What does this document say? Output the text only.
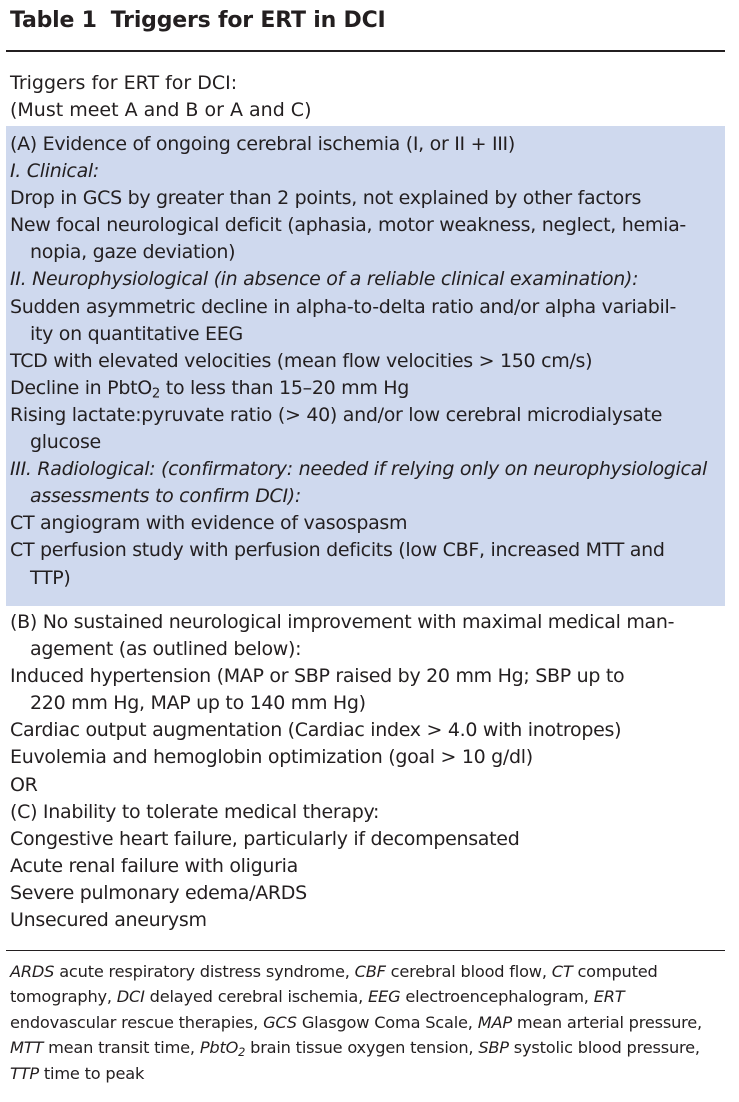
Table 1 Triggers for ERT in DCI
Triggers for ERT for DCI:
(Must meet A and B or A and C)
(A) Evidence of ongoing cerebral ischemia (I, or II + III)
I. Clinical:
Drop in GCS by greater than 2 points, not explained by other factors
New focal neurological deficit (aphasia, motor weakness, neglect, hemia-
nopia, gaze deviation)
II. Neurophysiological (in absence of a reliable clinical examination):
Sudden asymmetric decline in alpha-to-delta ratio and/or alpha variabil-
ity on quantitative EEG
TCD with elevated velocities (mean flow velocities > 150 cm/s)
Decline in PbtO$_2$ to less than 15–20 mm Hg
Rising lactate:pyruvate ratio (> 40) and/or low cerebral microdialysate
glucose
III. Radiological: (confirmatory: needed if relying only on neurophysiological
assessments to confirm DCI):
CT angiogram with evidence of vasospasm
CT perfusion study with perfusion deficits (low CBF, increased MTT and
TTP)
(B) No sustained neurological improvement with maximal medical man-
agement (as outlined below):
Induced hypertension (MAP or SBP raised by 20 mm Hg; SBP up to
220 mm Hg, MAP up to 140 mm Hg)
Cardiac output augmentation (Cardiac index > 4.0 with inotropes)
Euvolemia and hemoglobin optimization (goal > 10 g/dl)
OR
(C) Inability to tolerate medical therapy:
Congestive heart failure, particularly if decompensated
Acute renal failure with oliguria
Severe pulmonary edema/ARDS
Unsecured aneurysm
ARDS acute respiratory distress syndrome, CBF cerebral blood flow, CT computed tomography, DCI delayed cerebral ischemia, EEG electroencephalogram, ERT endovascular rescue therapies, GCS Glasgow Coma Scale, MAP mean arterial pressure, MTT mean transit time, PbtO$_2$ brain tissue oxygen tension, SBP systolic blood pressure, TTP time to peak
